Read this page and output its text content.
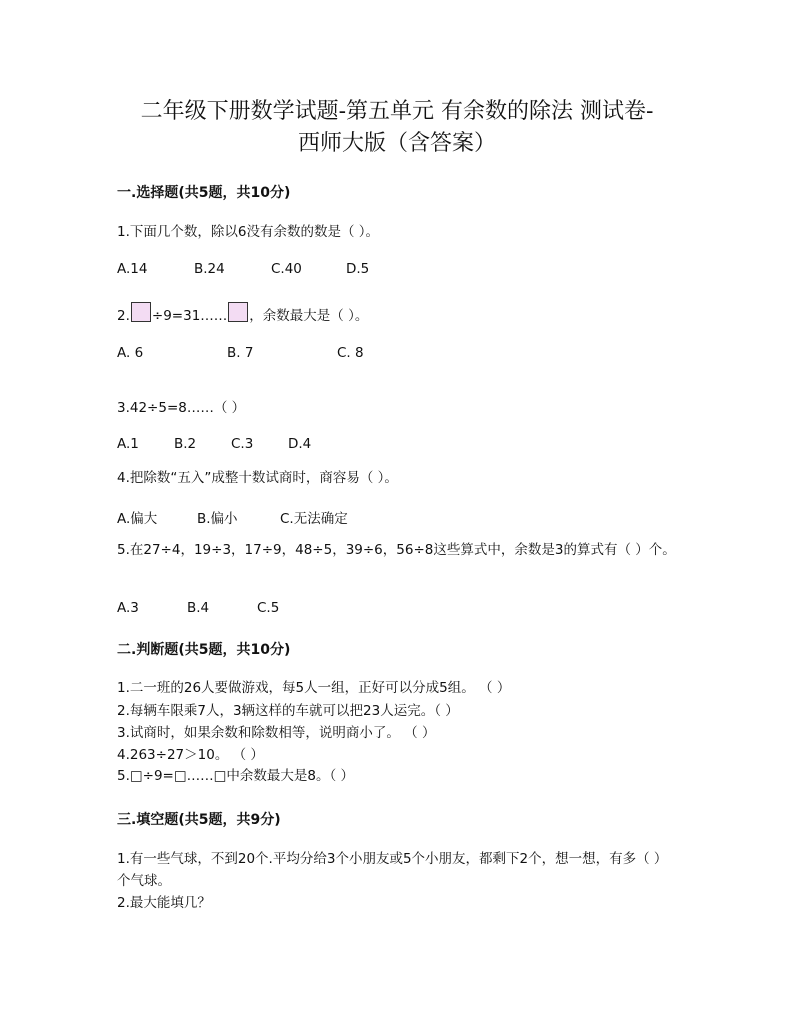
二年级下册数学试题-第五单元 有余数的除法 测试卷-
西师大版（含答案）
一.选择题(共5题，共10分)
1.下面几个数，除以6没有余数的数是（ ）。
A.14	B.24	C.40	D.5
2. ÷9=31…… ，余数最大是（ ）。
A. 6	B. 7	C. 8
3.42÷5=8……（ ）
A.1	B.2	C.3	D.4
4.把除数“五入”成整十数试商时，商容易（ ）。
A.偏大	B.偏小	C.无法确定
5.在27÷4，19÷3，17÷9，48÷5，39÷6，56÷8这些算式中，余数是3的算式有（ ）个。
A.3	B.4	C.5
二.判断题(共5题，共10分)
1.二一班的26人要做游戏，每5人一组，正好可以分成5组。 （ ）
2.每辆车限乘7人，3辆这样的车就可以把23人运完。（ ）
3.试商时，如果余数和除数相等，说明商小了。 （ ）
4.263÷27＞10。 （ ）
5.□÷9=□……□中余数最大是8。（ ）
三.填空题(共5题，共9分)
1.有一些气球，不到20个.平均分给3个小朋友或5个小朋友，都剩下2个，想一想，有多（ ）个气球。
2.最大能填几？
